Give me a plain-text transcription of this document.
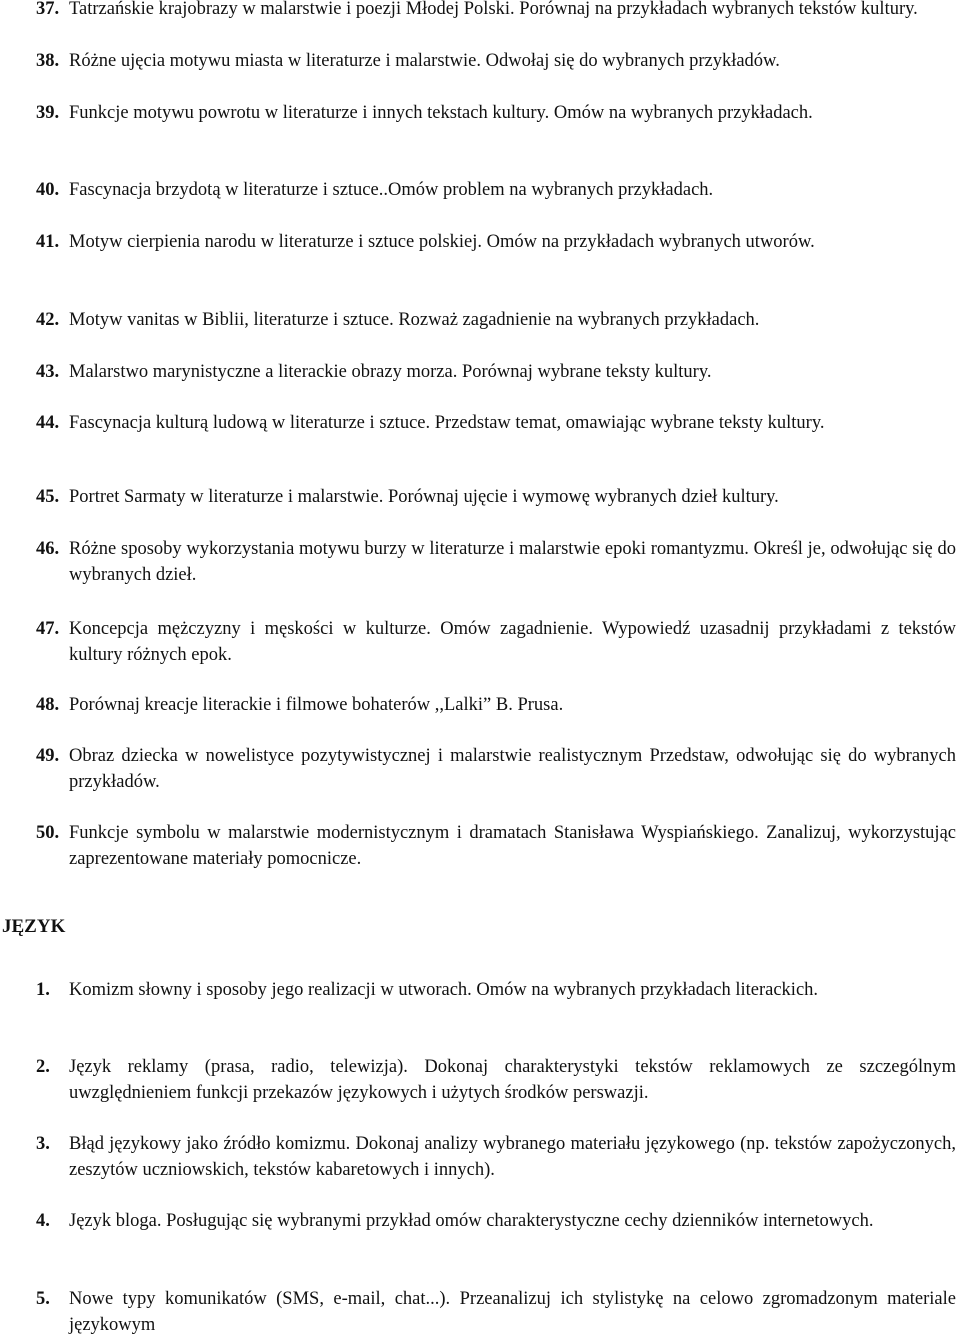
37. Tatrzańskie krajobrazy w malarstwie i poezji Młodej Polski. Porównaj na przykładach wybranych tekstów kultury.
38. Różne ujęcia motywu miasta w literaturze i malarstwie. Odwołaj się do wybranych przykładów.
39. Funkcje motywu powrotu w literaturze i innych tekstach kultury. Omów na wybranych przykładach.
40. Fascynacja brzydotą w literaturze i sztuce..Omów problem na wybranych przykładach.
41. Motyw cierpienia narodu w literaturze i sztuce polskiej. Omów na przykładach wybranych utworów.
42. Motyw vanitas w Biblii, literaturze i sztuce. Rozważ zagadnienie na wybranych przykładach.
43. Malarstwo marynistyczne a literackie obrazy morza. Porównaj wybrane teksty kultury.
44. Fascynacja kulturą ludową w literaturze i sztuce. Przedstaw temat, omawiając wybrane teksty kultury.
45. Portret Sarmaty w literaturze i malarstwie. Porównaj ujęcie i wymowę wybranych dzieł kultury.
46. Różne sposoby wykorzystania motywu burzy w literaturze i malarstwie epoki romantyzmu. Określ je, odwołując się do wybranych dzieł.
47. Koncepcja mężczyzny i męskości w kulturze. Omów zagadnienie. Wypowiedź uzasadnij przykładami z tekstów kultury różnych epok.
48. Porównaj kreacje literackie i filmowe bohaterów ,,Lalki” B. Prusa.
49. Obraz dziecka w nowelistyce pozytywistycznej i malarstwie realistycznym Przedstaw, odwołując się do wybranych przykładów.
50. Funkcje symbolu w malarstwie modernistycznym i dramatach Stanisława Wyspiańskiego. Zanalizuj, wykorzystując zaprezentowane materiały pomocnicze.
JĘZYK
1.	Komizm słowny i sposoby jego realizacji w utworach. Omów na wybranych przykładach literackich.
2.	Język reklamy (prasa, radio, telewizja). Dokonaj charakterystyki tekstów reklamowych ze szczególnym uwzględnieniem funkcji przekazów językowych i użytych środków perswazji.
3.	Błąd językowy jako źródło komizmu. Dokonaj analizy wybranego materiału językowego (np. tekstów zapożyczonych, zeszytów uczniowskich, tekstów kabaretowych i innych).
4.	Język bloga. Posługując się wybranymi przykład omów charakterystyczne cechy dzienników internetowych.
5.	Nowe typy komunikatów (SMS, e-mail, chat...). Przeanalizuj ich stylistykę na celowo zgromadzonym materiale językowym
